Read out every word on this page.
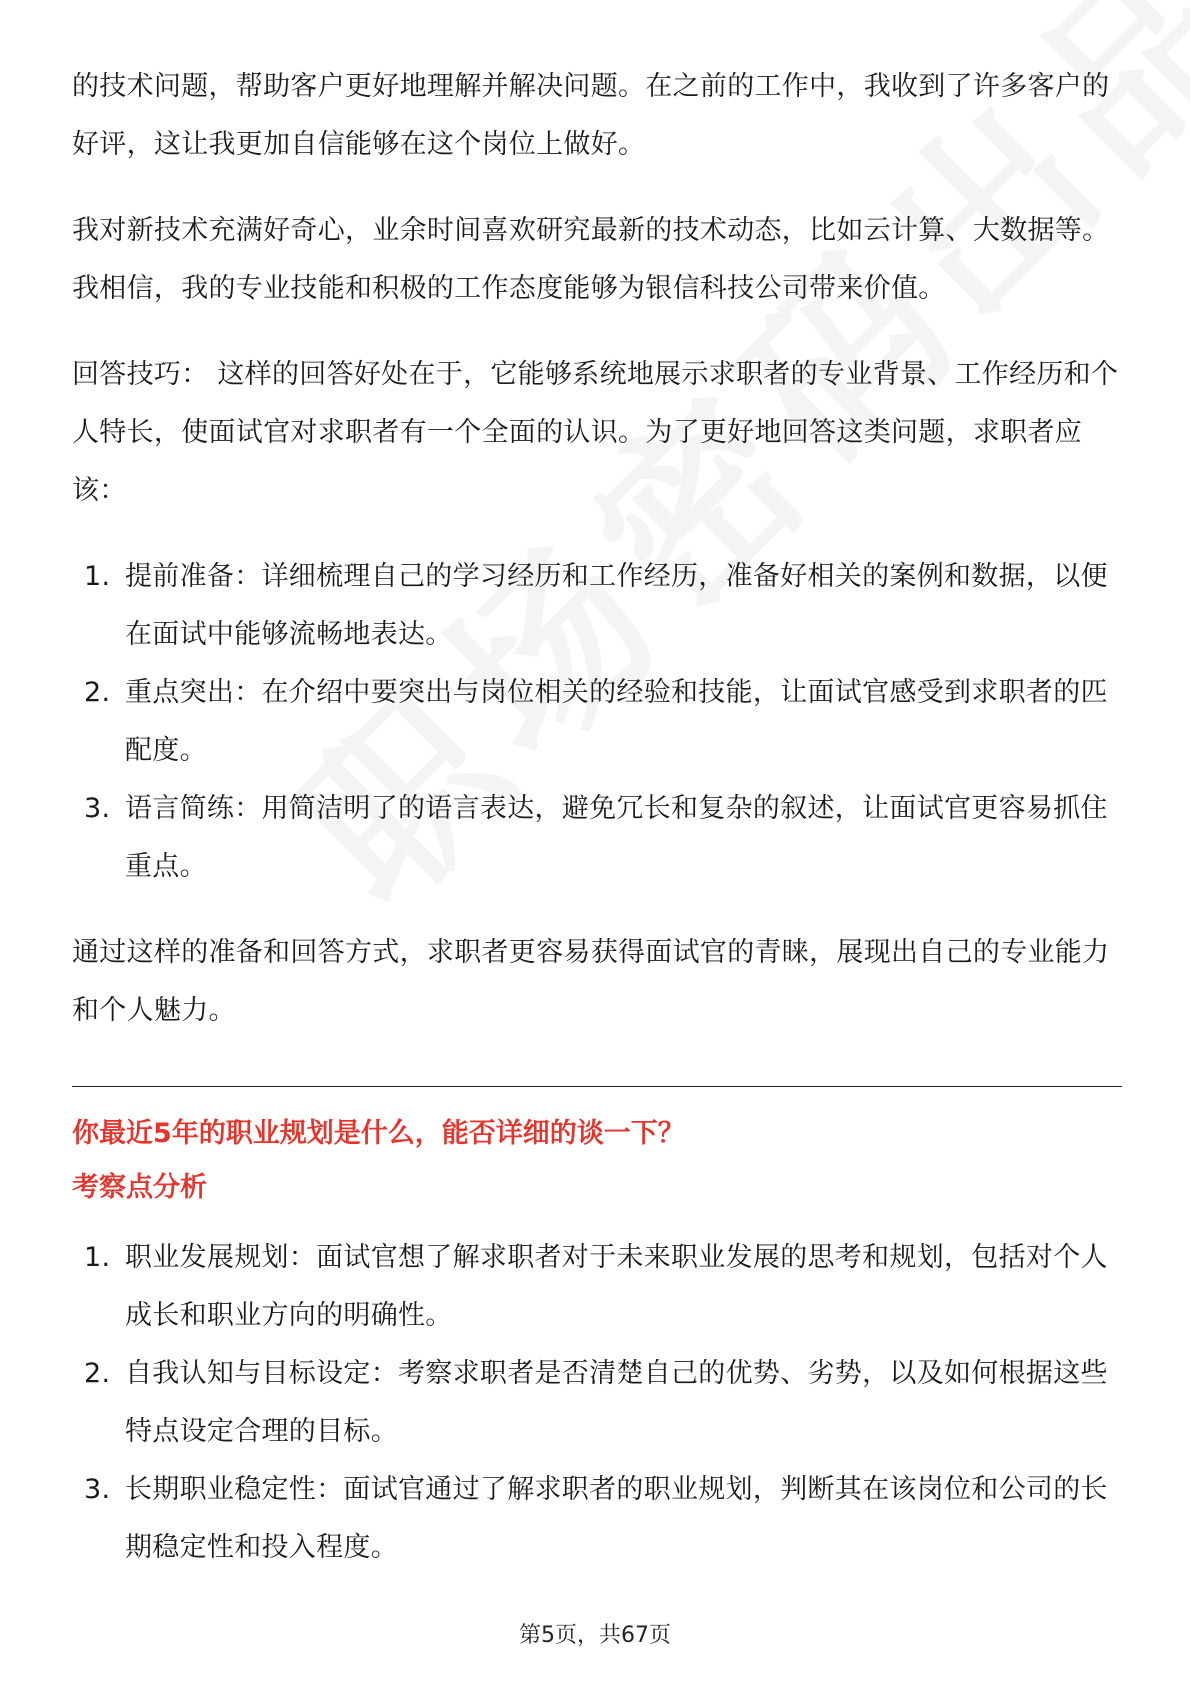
的技术问题，帮助客户更好地理解并解决问题。在之前的工作中，我收到了许多客户的好评，这让我更加自信能够在这个岗位上做好。

我对新技术充满好奇心，业余时间喜欢研究最新的技术动态，比如云计算、大数据等。我相信，我的专业技能和积极的工作态度能够为银信科技公司带来价值。

回答技巧： 这样的回答好处在于，它能够系统地展示求职者的专业背景、工作经历和个人特长，使面试官对求职者有一个全面的认识。为了更好地回答这类问题，求职者应该：

1. 提前准备：详细梳理自己的学习经历和工作经历，准备好相关的案例和数据，以便在面试中能够流畅地表达。
2. 重点突出：在介绍中要突出与岗位相关的经验和技能，让面试官感受到求职者的匹配度。
3. 语言简练：用简洁明了的语言表达，避免冗长和复杂的叙述，让面试官更容易抓住重点。

通过这样的准备和回答方式，求职者更容易获得面试官的青睐，展现出自己的专业能力和个人魅力。

你最近5年的职业规划是什么，能否详细的谈一下？

考察点分析

1. 职业发展规划：面试官想了解求职者对于未来职业发展的思考和规划，包括对个人成长和职业方向的明确性。
2. 自我认知与目标设定：考察求职者是否清楚自己的优势、劣势，以及如何根据这些特点设定合理的目标。
3. 长期职业稳定性：面试官通过了解求职者的职业规划，判断其在该岗位和公司的长期稳定性和投入程度。
第5页，共67页
